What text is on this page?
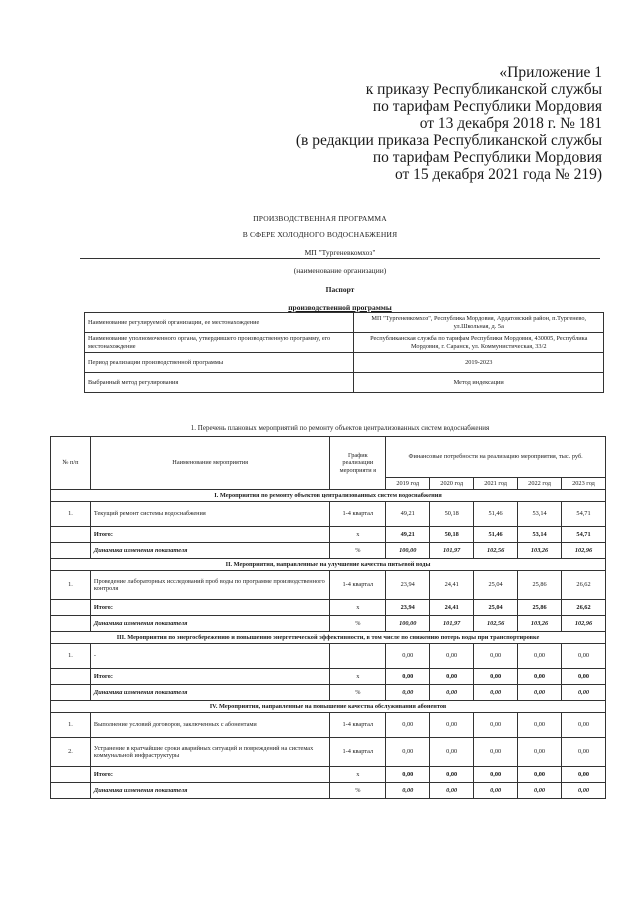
«Приложение 1
к приказу Республиканской службы
по тарифам Республики Мордовия
от 13 декабря 2018 г. № 181
(в редакции приказа Республиканской службы
по тарифам Республики Мордовия
от 15 декабря 2021 года № 219)
ПРОИЗВОДСТВЕННАЯ ПРОГРАММА
В СФЕРЕ ХОЛОДНОГО ВОДОСНАБЖЕНИЯ
МП "Тургеневкомхоз"
(наименование организации)
Паспорт
производственной программы
Наименование регулируемой организации, ее местонахождение	МП "Тургеневкомхоз", Республика Мордовия, Ардатовский район, п.Тургенево, ул.Школьная, д. 5а
Наименование уполномоченного органа, утвердившего производственную программу, его местонахождение	Республиканская служба по тарифам Республики Мордовия, 430005, Республика Мордовия, г. Саранск, ул. Коммунистическая, 33/2
Период реализации производственной программы	2019-2023
Выбранный метод регулирования	Метод индексации
1. Перечень плановых мероприятий по ремонту объектов централизованных систем водоснабжения
№ п/п	Наименование мероприятия	График реализации мероприяти я	Финансовые потребности на реализацию мероприятия, тыс. руб.				
			2019 год	2020 год	2021 год	2022 год	2023 год
I. Мероприятия по ремонту объектов централизованных систем водоснабжения							
1.	Текущий ремонт системы водоснабжения	1-4 квартал	49,21	50,18	51,46	53,14	54,71
	Итого:	x	49,21	50,18	51,46	53,14	54,71
	Динамика изменения показателя	%	100,00	101,97	102,56	103,26	102,96
II. Мероприятия, направленные на улучшение качества питьевой воды							
1.	Проведение лабораторных исследований проб воды по программе производственного контроля	1-4 квартал	23,94	24,41	25,04	25,86	26,62
	Итого:	x	23,94	24,41	25,04	25,86	26,62
	Динамика изменения показателя	%	100,00	101,97	102,56	103,26	102,96
III. Мероприятия по энергосбережению и повышению энергетической эффективности, в том числе по снижению потерь воды при транспортировке							
1.	-		0,00	0,00	0,00	0,00	0,00
	Итого:	x	0,00	0,00	0,00	0,00	0,00
	Динамика изменения показателя	%	0,00	0,00	0,00	0,00	0,00
IV. Мероприятия, направленные на повышение качества обслуживания абонентов							
1.	Выполнение условий договоров, заключенных с абонентами	1-4 квартал	0,00	0,00	0,00	0,00	0,00
2.	Устранение в кратчайшие сроки аварийных ситуаций и повреждений на системах коммунальной инфраструктуры	1-4 квартал	0,00	0,00	0,00	0,00	0,00
	Итого:	x	0,00	0,00	0,00	0,00	0,00
	Динамика изменения показателя	%	0,00	0,00	0,00	0,00	0,00
